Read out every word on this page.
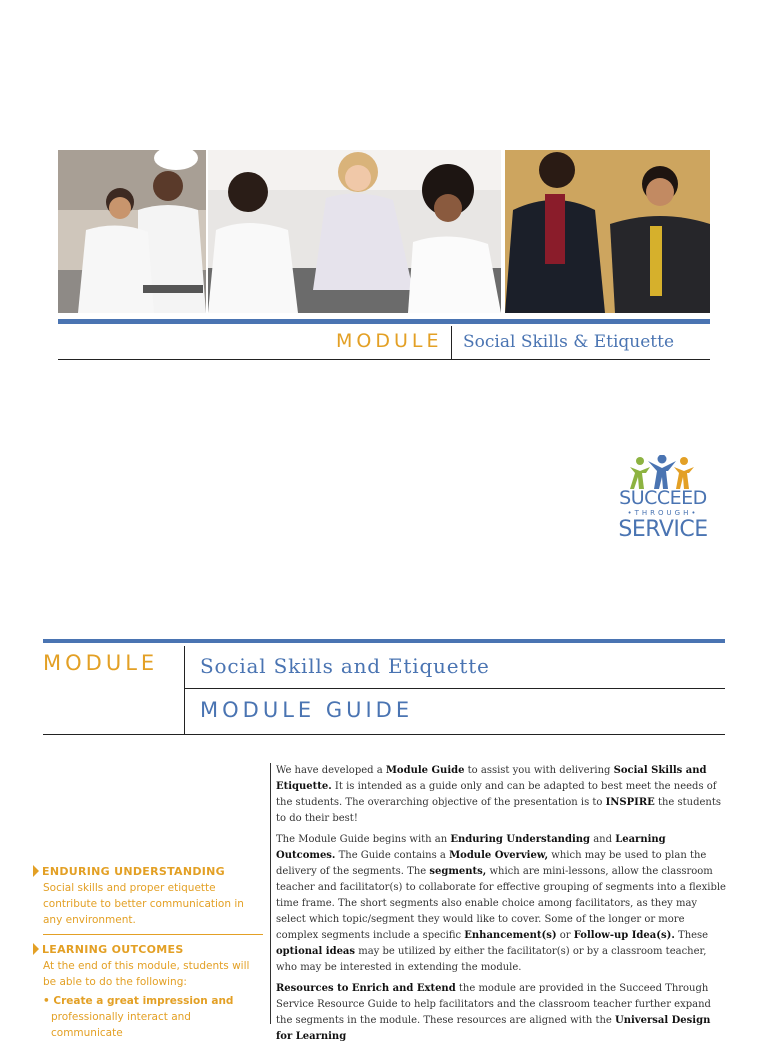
MODULE Social Skills & Etiquette
SUCCEED
•THROUGH•
SERVICE
MODULE Social Skills and Etiquette
MODULE GUIDE
ENDURING UNDERSTANDING
Social skills and proper etiquette
contribute to better communication in
any environment.
LEARNING OUTCOMES
At the end of this module, students will
be able to do the following:
• Create a great impression and
professionally interact and communicate

We have developed a Module Guide to assist you with delivering Social Skills and Etiquette. It is intended as a guide only and can be adapted to best meet the needs of the students. The overarching objective of the presentation is to INSPIRE the students to do their best!

The Module Guide begins with an Enduring Understanding and Learning Outcomes. The Guide contains a Module Overview, which may be used to plan the delivery of the segments. The segments, which are mini-lessons, allow the classroom teacher and facilitator(s) to collaborate for effective grouping of segments into a flexible time frame. The short segments also enable choice among facilitators, as they may select which topic/segment they would like to cover. Some of the longer or more complex segments include a specific Enhancement(s) or Follow-up Idea(s). These optional ideas may be utilized by either the facilitator(s) or by a classroom teacher, who may be interested in extending the module.

Resources to Enrich and Extend the module are provided in the Succeed Through Service Resource Guide to help facilitators and the classroom teacher further expand the segments in the module. These resources are aligned with the Universal Design for Learning
